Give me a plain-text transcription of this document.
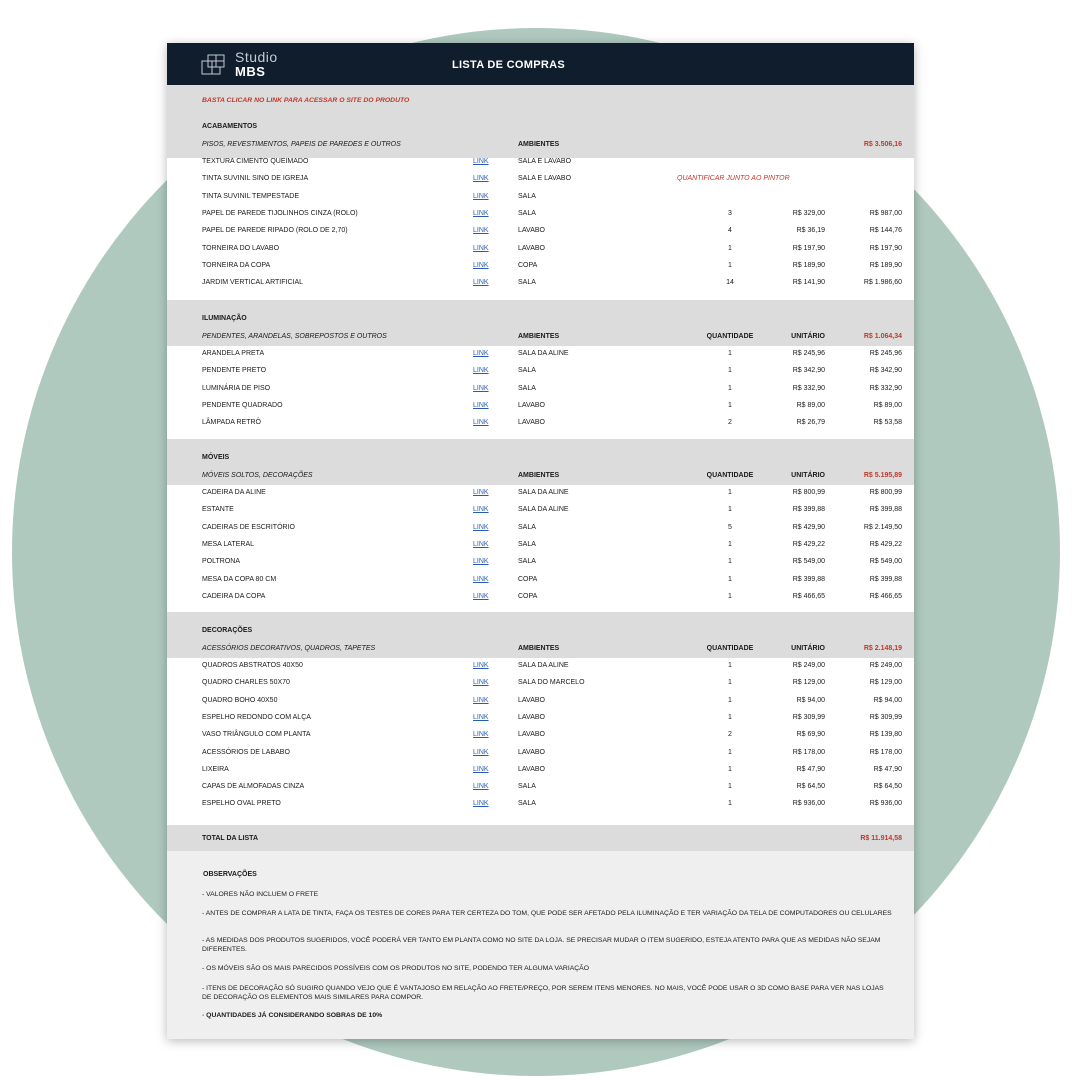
Studio
MBS	LISTA DE COMPRAS
BASTA CLICAR NO LINK PARA ACESSAR O SITE DO PRODUTO
ACABAMENTOS
PISOS, REVESTIMENTOS, PAPEIS DE PAREDES E OUTROS	AMBIENTES	R$ 3.506,16
TEXTURA CIMENTO QUEIMADO	LINK	SALA E LAVABO
TINTA SUVINIL SINO DE IGREJA	LINK	SALA E LAVABO	QUANTIFICAR JUNTO AO PINTOR
TINTA SUVINIL TEMPESTADE	LINK	SALA
PAPEL DE PAREDE TIJOLINHOS CINZA (ROLO)	LINK	SALA	3	R$ 329,00	R$ 987,00
PAPEL DE PAREDE RIPADO (ROLO DE 2,70)	LINK	LAVABO	4	R$ 36,19	R$ 144,76
TORNEIRA DO LAVABO	LINK	LAVABO	1	R$ 197,90	R$ 197,90
TORNEIRA DA COPA	LINK	COPA	1	R$ 189,90	R$ 189,90
JARDIM VERTICAL ARTIFICIAL	LINK	SALA	14	R$ 141,90	R$ 1.986,60
ILUMINAÇÃO
PENDENTES, ARANDELAS, SOBREPOSTOS E OUTROS	AMBIENTES	QUANTIDADE	UNITÁRIO	R$ 1.064,34
ARANDELA PRETA	LINK	SALA DA ALINE	1	R$ 245,96	R$ 245,96
PENDENTE PRETO	LINK	SALA	1	R$ 342,90	R$ 342,90
LUMINÁRIA DE PISO	LINK	SALA	1	R$ 332,90	R$ 332,90
PENDENTE QUADRADO	LINK	LAVABO	1	R$ 89,00	R$ 89,00
LÂMPADA RETRÔ	LINK	LAVABO	2	R$ 26,79	R$ 53,58
MÓVEIS
MÓVEIS SOLTOS, DECORAÇÕES	AMBIENTES	QUANTIDADE	UNITÁRIO	R$ 5.195,89
CADEIRA DA ALINE	LINK	SALA DA ALINE	1	R$ 800,99	R$ 800,99
ESTANTE	LINK	SALA DA ALINE	1	R$ 399,88	R$ 399,88
CADEIRAS DE ESCRITÓRIO	LINK	SALA	5	R$ 429,90	R$ 2.149,50
MESA LATERAL	LINK	SALA	1	R$ 429,22	R$ 429,22
POLTRONA	LINK	SALA	1	R$ 549,00	R$ 549,00
MESA DA COPA 80 CM	LINK	COPA	1	R$ 399,88	R$ 399,88
CADEIRA DA COPA	LINK	COPA	1	R$ 466,65	R$ 466,65
DECORAÇÕES
ACESSÓRIOS DECORATIVOS, QUADROS, TAPETES	AMBIENTES	QUANTIDADE	UNITÁRIO	R$ 2.148,19
QUADROS ABSTRATOS 40X50	LINK	SALA DA ALINE	1	R$ 249,00	R$ 249,00
QUADRO CHARLES 50X70	LINK	SALA DO MARCELO	1	R$ 129,00	R$ 129,00
QUADRO BOHO 40X50	LINK	LAVABO	1	R$ 94,00	R$ 94,00
ESPELHO REDONDO COM ALÇA	LINK	LAVABO	1	R$ 309,99	R$ 309,99
VASO TRIÂNGULO COM PLANTA	LINK	LAVABO	2	R$ 69,90	R$ 139,80
ACESSÓRIOS DE LABABO	LINK	LAVABO	1	R$ 178,00	R$ 178,00
LIXEIRA	LINK	LAVABO	1	R$ 47,90	R$ 47,90
CAPAS DE ALMOFADAS CINZA	LINK	SALA	1	R$ 64,50	R$ 64,50
ESPELHO OVAL PRETO	LINK	SALA	1	R$ 936,00	R$ 936,00
TOTAL DA LISTA	R$ 11.914,58
OBSERVAÇÕES
- VALORES NÃO INCLUEM O FRETE
- ANTES DE COMPRAR A LATA DE TINTA, FAÇA OS TESTES DE CORES PARA TER CERTEZA DO TOM, QUE PODE SER AFETADO PELA ILUMINAÇÃO E TER VARIAÇÃO DA TELA DE COMPUTADORES OU CELULARES
- AS MEDIDAS DOS PRODUTOS SUGERIDOS, VOCÊ PODERÁ VER TANTO EM PLANTA COMO NO SITE DA LOJA. SE PRECISAR MUDAR O ITEM SUGERIDO, ESTEJA ATENTO PARA QUE AS MEDIDAS NÃO SEJAM DIFERENTES.
- OS MÓVEIS SÃO OS MAIS PARECIDOS POSSÍVEIS COM OS PRODUTOS NO SITE, PODENDO TER ALGUMA VARIAÇÃO
- ITENS DE DECORAÇÃO SÓ SUGIRO QUANDO VEJO QUE É VANTAJOSO EM RELAÇÃO AO FRETE/PREÇO, POR SEREM ITENS MENORES. NO MAIS, VOCÊ PODE USAR O 3D COMO BASE PARA VER NAS LOJAS DE DECORAÇÃO OS ELEMENTOS MAIS SIMILARES PARA COMPOR.
- QUANTIDADES JÁ CONSIDERANDO SOBRAS DE 10%
